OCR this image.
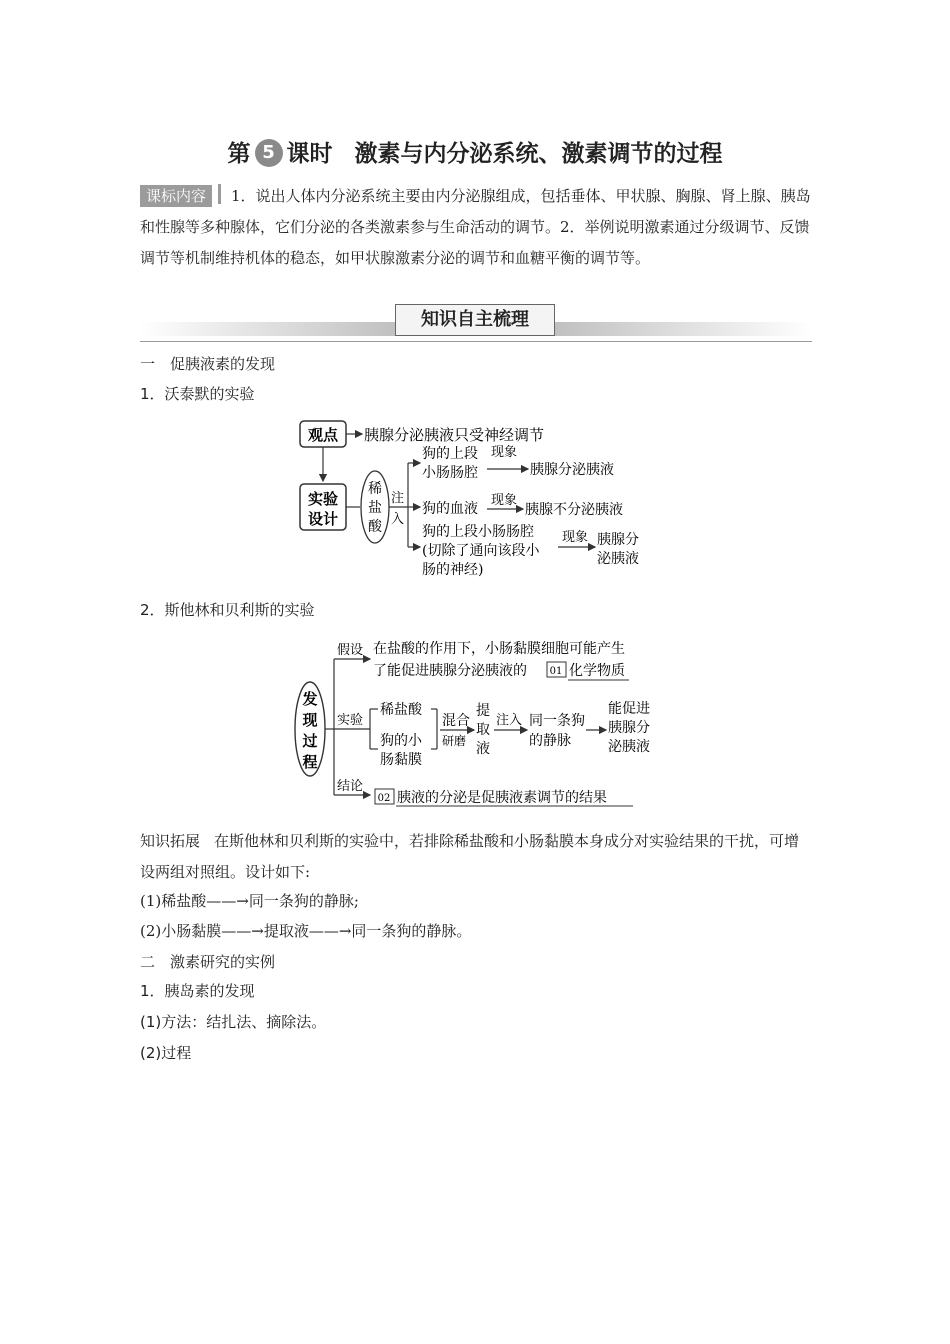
第 5 课时 激素与内分泌系统、激素调节的过程
课标内容 1．说出人体内分泌系统主要由内分泌腺组成，包括垂体、甲状腺、胸腺、肾上腺、胰岛和性腺等多种腺体，它们分泌的各类激素参与生命活动的调节。2．举例说明激素通过分级调节、反馈调节等机制维持机体的稳态，如甲状腺激素分泌的调节和血糖平衡的调节等。
知识自主梳理
一　促胰液素的发现
1．沃泰默的实验
观点 胰腺分泌胰液只受神经调节
实验
设计
稀
盐
酸
注
入
狗的上段
小肠肠腔
现象
胰腺分泌胰液
狗的血液
现象
胰腺不分泌胰液
狗的上段小肠肠腔
(切除了通向该段小
肠的神经)
现象 胰腺分
泌胰液
2．斯他林和贝利斯的实验
发
现
过
程
假设 在盐酸的作用下，小肠黏膜细胞可能产生
了能促进胰腺分泌胰液的 01 化学物质
实验
稀盐酸
狗的小
肠黏膜
混合
研磨
提
取
液
注入 同一条狗
的静脉
能促进
胰腺分
泌胰液
结论
02 胰液的分泌是促胰液素调节的结果
知识拓展 在斯他林和贝利斯的实验中，若排除稀盐酸和小肠黏膜本身成分对实验结果的干扰，可增设两组对照组。设计如下:
(1)稀盐酸——→同一条狗的静脉;
(2)小肠黏膜——→提取液——→同一条狗的静脉。
二　激素研究的实例
1．胰岛素的发现
(1)方法：结扎法、摘除法。
(2)过程
